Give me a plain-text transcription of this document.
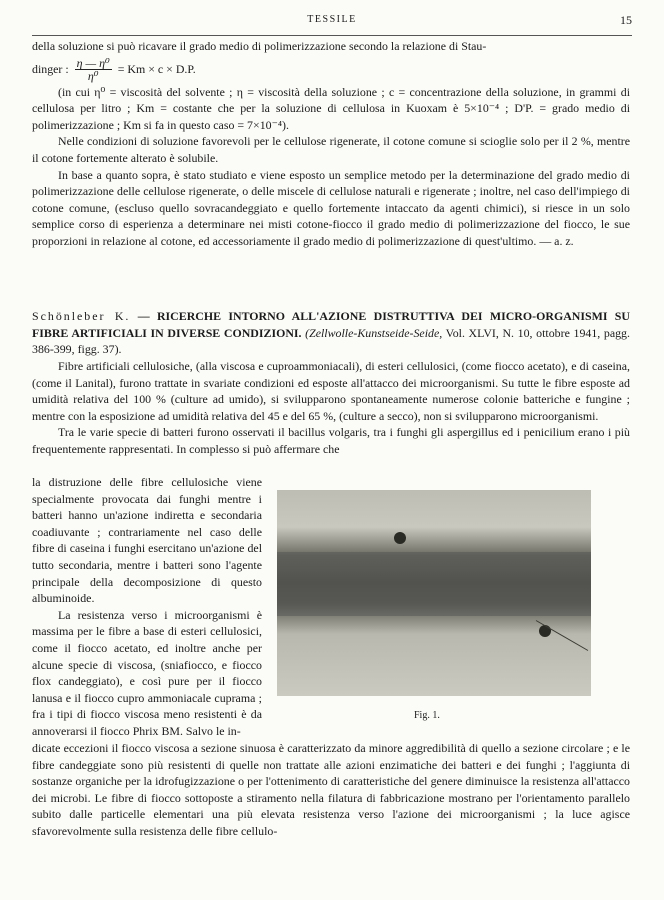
TESSILE	15

della soluzione si può ricavare il grado medio di polimerizzazione secondo la relazione di Stau-

dinger : $\frac{\text{η — η⁰}}{\text{η⁰}} = Km \times c \times D.P$.

(in cui η⁰ = viscosità del solvente ; η = viscosità della soluzione ; c = concentrazione della soluzione, in grammi di cellulosa per litro ; Km = costante che per la soluzione di cellulosa in Kuoxam è 5×10⁻⁴ ; D'P. = grado medio di polimerizzazione ; Km si fa in questo caso = 7×10⁻⁴).

Nelle condizioni di soluzione favorevoli per le cellulose rigenerate, il cotone comune si scioglie solo per il 2 %, mentre il cotone fortemente alterato è solubile.

In base a quanto sopra, è stato studiato e viene esposto un semplice metodo per la determinazione del grado medio di polimerizzazione delle cellulose rigenerate, o delle miscele di cellulose naturali e rigenerate ; inoltre, nel caso dell'impiego di cotone comune, (escluso quello sovracandeggiato e quello fortemente intaccato da agenti chimici), si riesce in un solo semplice corso di esperienza a determinare nei misti cotone-fiocco il grado medio di polimerizzazione del fiocco, le sue proporzioni in relazione al cotone, ed accessoriamente il grado medio di polimerizzazione di quest'ultimo. — a. z.

Schönleber K. — RICERCHE INTORNO ALL'AZIONE DISTRUTTIVA DEI MICRO-ORGANISMI SU FIBRE ARTIFICIALI IN DIVERSE CONDIZIONI. (Zellwolle-Kunstseide-Seide, Vol. XLVI, N. 10, ottobre 1941, pagg. 386-399, figg. 37).

Fibre artificiali cellulosiche, (alla viscosa e cuproammoniacali), di esteri cellulosici, (come fiocco acetato), e di caseina, (come il Lanital), furono trattate in svariate condizioni ed esposte all'attacco dei microorganismi. Su tutte le fibre esposte ad umidità relativa del 100 % (culture ad umido), si svilupparono spontaneamente numerose colonie batteriche e fungine ; mentre con la esposizione ad umidità relativa del 45 e del 65 %, (culture a secco), non si svilupparono microorganismi.

Tra le varie specie di batteri furono osservati il bacillus volgaris, tra i funghi gli aspergillus ed i penicilium erano i più frequentemente rappresentati. In complesso si può affermare che

la distruzione delle fibre cellulosiche viene specialmente provocata dai funghi mentre i batteri hanno un'azione indiretta e secondaria coadiuvante ; contrariamente nel caso delle fibre di caseina i funghi esercitano un'azione del tutto secondaria, mentre i batteri sono l'agente principale della decomposizione di questo albuminoide.

La resistenza verso i microorganismi è massima per le fibre a base di esteri cellulosici, come il fiocco acetato, ed inoltre anche per alcune specie di viscosa, (sniafiocco, e fiocco flox candeggiato), e così pure per il fiocco lanusa e il fiocco cupro ammoniacale cuprama ; fra i tipi di fiocco viscosa meno resistenti è da annoverarsi il fiocco Phrix BM. Salvo le in-

Fig. 1.

dicate eccezioni il fiocco viscosa a sezione sinuosa è caratterizzato da minore aggredibilità di quello a sezione circolare ; e le fibre candeggiate sono più resistenti di quelle non trattate alle azioni enzimatiche dei batteri e dei funghi ; l'aggiunta di sostanze organiche per la idrofugizzazione o per l'ottenimento di caratteristiche del genere diminuisce la resistenza all'attacco dei microbi. Le fibre di fiocco sottoposte a stiramento nella filatura di fabbricazione mostrano per l'orientamento parallelo subito dalle particelle elementari una più elevata resistenza verso l'azione dei microorganismi ; la luce agisce sfavorevolmente sulla resistenza delle fibre cellulo-
